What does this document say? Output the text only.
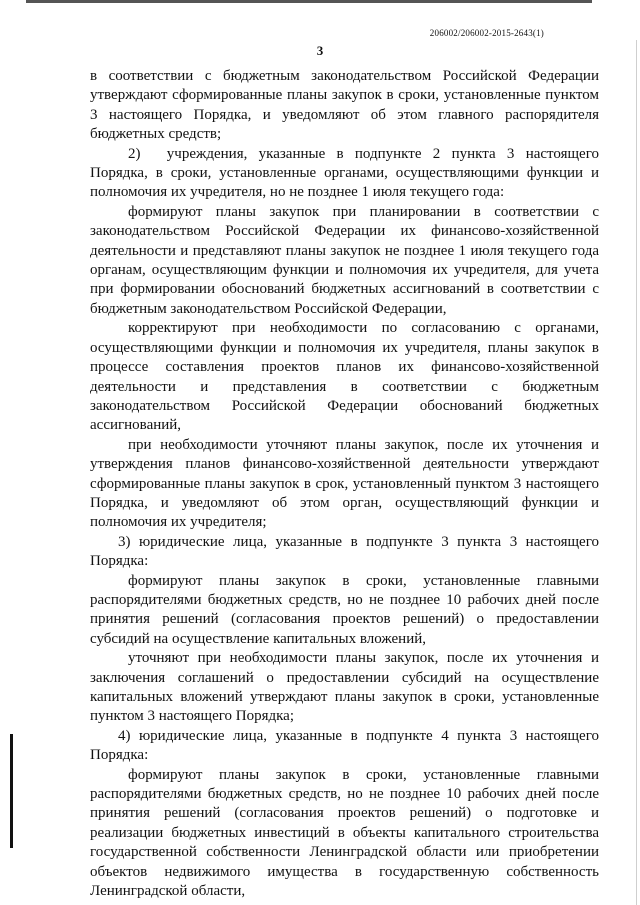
206002/206002-2015-2643(1)
3

в соответствии с бюджетным законодательством Российской Федерации утверждают сформированные планы закупок в сроки, установленные пунктом 3 настоящего Порядка, и уведомляют об этом главного распорядителя бюджетных средств;

2)  учреждения, указанные в подпункте 2 пункта 3 настоящего Порядка, в сроки, установленные органами, осуществляющими функции и полномочия их учредителя, но не позднее 1 июля текущего года:

формируют планы закупок при планировании в соответствии с законодательством Российской Федерации их финансово-хозяйственной деятельности и представляют планы закупок не позднее 1 июля текущего года органам, осуществляющим функции и полномочия их учредителя, для учета при формировании обоснований бюджетных ассигнований в соответствии с бюджетным законодательством Российской Федерации,

корректируют при необходимости по согласованию с органами, осуществляющими функции и полномочия их учредителя, планы закупок в процессе составления проектов планов их финансово-хозяйственной деятельности и представления в соответствии с бюджетным законодательством Российской Федерации обоснований бюджетных ассигнований,

при необходимости уточняют планы закупок, после их уточнения и утверждения планов финансово-хозяйственной деятельности утверждают сформированные планы закупок в срок, установленный пунктом 3 настоящего Порядка, и уведомляют об этом орган, осуществляющий функции и полномочия их учредителя;

3) юридические лица, указанные в подпункте 3 пункта 3 настоящего Порядка:

формируют планы закупок в сроки, установленные главными распорядителями бюджетных средств, но не позднее 10 рабочих дней после принятия решений (согласования проектов решений) о предоставлении субсидий на осуществление капитальных вложений,

уточняют при необходимости планы закупок, после их уточнения и заключения соглашений о предоставлении субсидий на осуществление капитальных вложений утверждают планы закупок в сроки, установленные пунктом 3 настоящего Порядка;

4) юридические лица, указанные в подпункте 4 пункта 3 настоящего Порядка:

формируют планы закупок в сроки, установленные главными распорядителями бюджетных средств, но не позднее 10 рабочих дней после принятия решений (согласования проектов решений) о подготовке и реализации бюджетных инвестиций в объекты капитального строительства государственной собственности Ленинградской области или приобретении объектов недвижимого имущества в государственную собственность Ленинградской области,
